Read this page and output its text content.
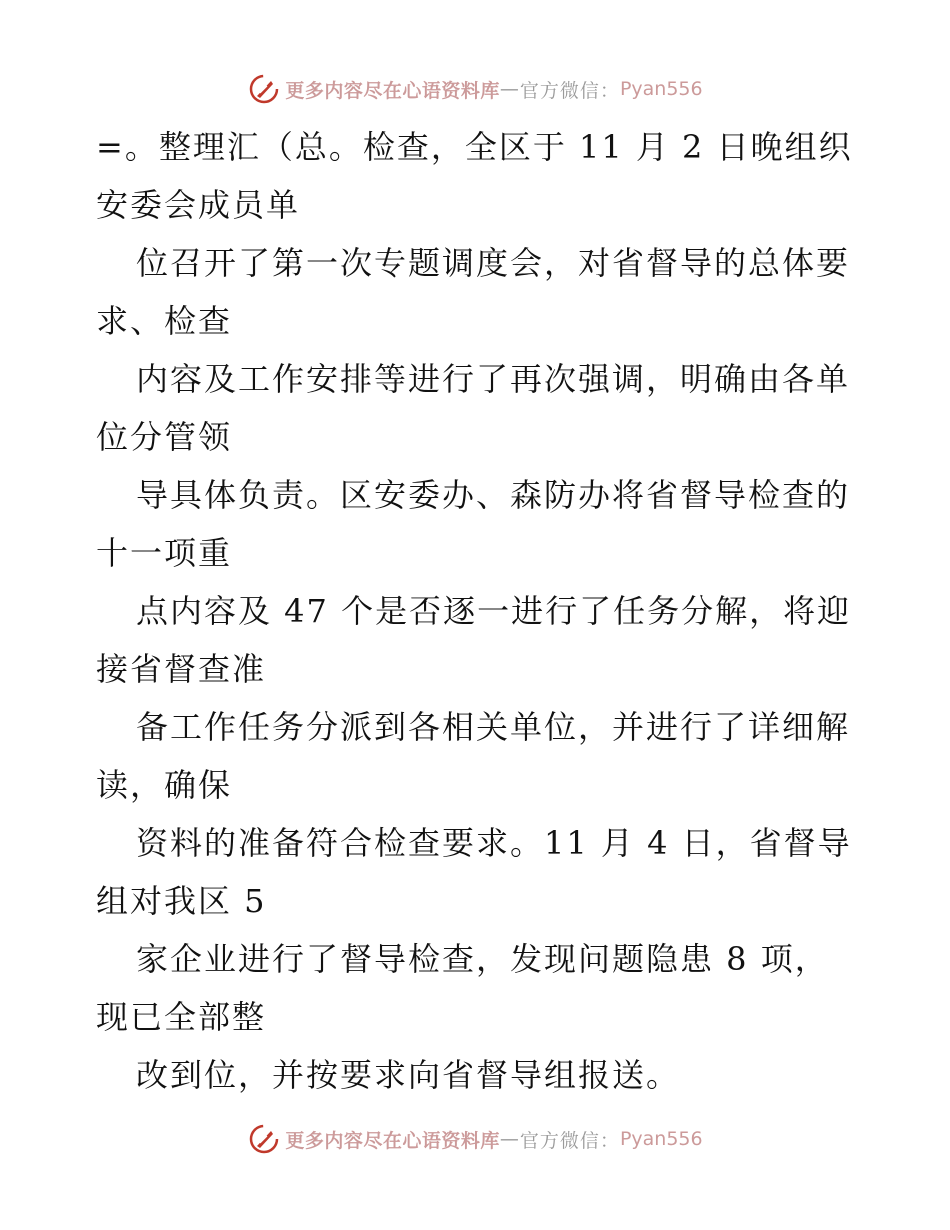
更多内容尽在心语资料库 — 官方微信： Pyan556
=。整理汇（总。检查，全区于 11 月 2 日晚组织
安委会成员单
位召开了第一次专题调度会，对省督导的总体要
求、检查
内容及工作安排等进行了再次强调，明确由各单
位分管领
导具体负责。区安委办、森防办将省督导检查的
十一项重
点内容及 47 个是否逐一进行了任务分解，将迎
接省督查准
备工作任务分派到各相关单位，并进行了详细解
读，确保
资料的准备符合检查要求。11 月 4 日，省督导
组对我区 5
家企业进行了督导检查，发现问题隐患 8 项，
现已全部整
改到位，并按要求向省督导组报送。
更多内容尽在心语资料库 — 官方微信： Pyan556
